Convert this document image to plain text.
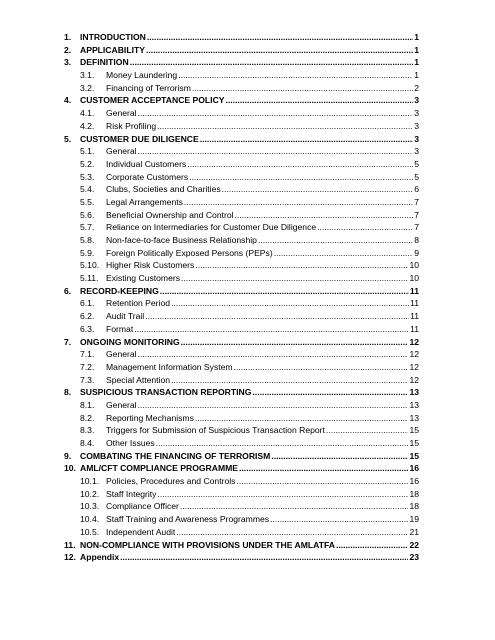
1.	INTRODUCTION .....	1
2.	APPLICABILITY .....	1
3.	DEFINITION .....	1
3.1.	Money Laundering .....	1
3.2.	Financing of Terrorism .....	2
4.	CUSTOMER ACCEPTANCE POLICY .....	3
4.1.	General .....	3
4.2.	Risk Profiling .....	3
5.	CUSTOMER DUE DILIGENCE .....	3
5.1.	General .....	3
5.2.	Individual Customers .....	5
5.3.	Corporate Customers .....	5
5.4.	Clubs, Societies and Charities .....	6
5.5.	Legal Arrangements .....	7
5.6.	Beneficial Ownership and Control .....	7
5.7.	Reliance on Intermediaries for Customer Due Diligence .....	7
5.8.	Non-face-to-face Business Relationship .....	8
5.9.	Foreign Politically Exposed Persons (PEPs) .....	9
5.10. Higher Risk Customers .....	10
5.11. Existing Customers .....	10
6.	RECORD-KEEPING .....	11
6.1.	Retention Period .....	11
6.2.	Audit Trail .....	11
6.3.	Format .....	11
7.	ONGOING MONITORING .....	12
7.1.	General .....	12
7.2.	Management Information System .....	12
7.3.	Special Attention .....	12
8.	SUSPICIOUS TRANSACTION REPORTING .....	13
8.1.	General .....	13
8.2.	Reporting Mechanisms .....	13
8.3.	Triggers for Submission of Suspicious Transaction Report .....	15
8.4.	Other Issues .....	15
9.	COMBATING THE FINANCING OF TERRORISM .....	15
10. AML/CFT COMPLIANCE PROGRAMME .....	16
10.1. Policies, Procedures and Controls .....	16
10.2. Staff Integrity .....	18
10.3. Compliance Officer .....	18
10.4. Staff Training and Awareness Programmes .....	19
10.5. Independent Audit .....	21
11. NON-COMPLIANCE WITH PROVISIONS UNDER THE AMLATFA .....	22
12. Appendix .....	23
